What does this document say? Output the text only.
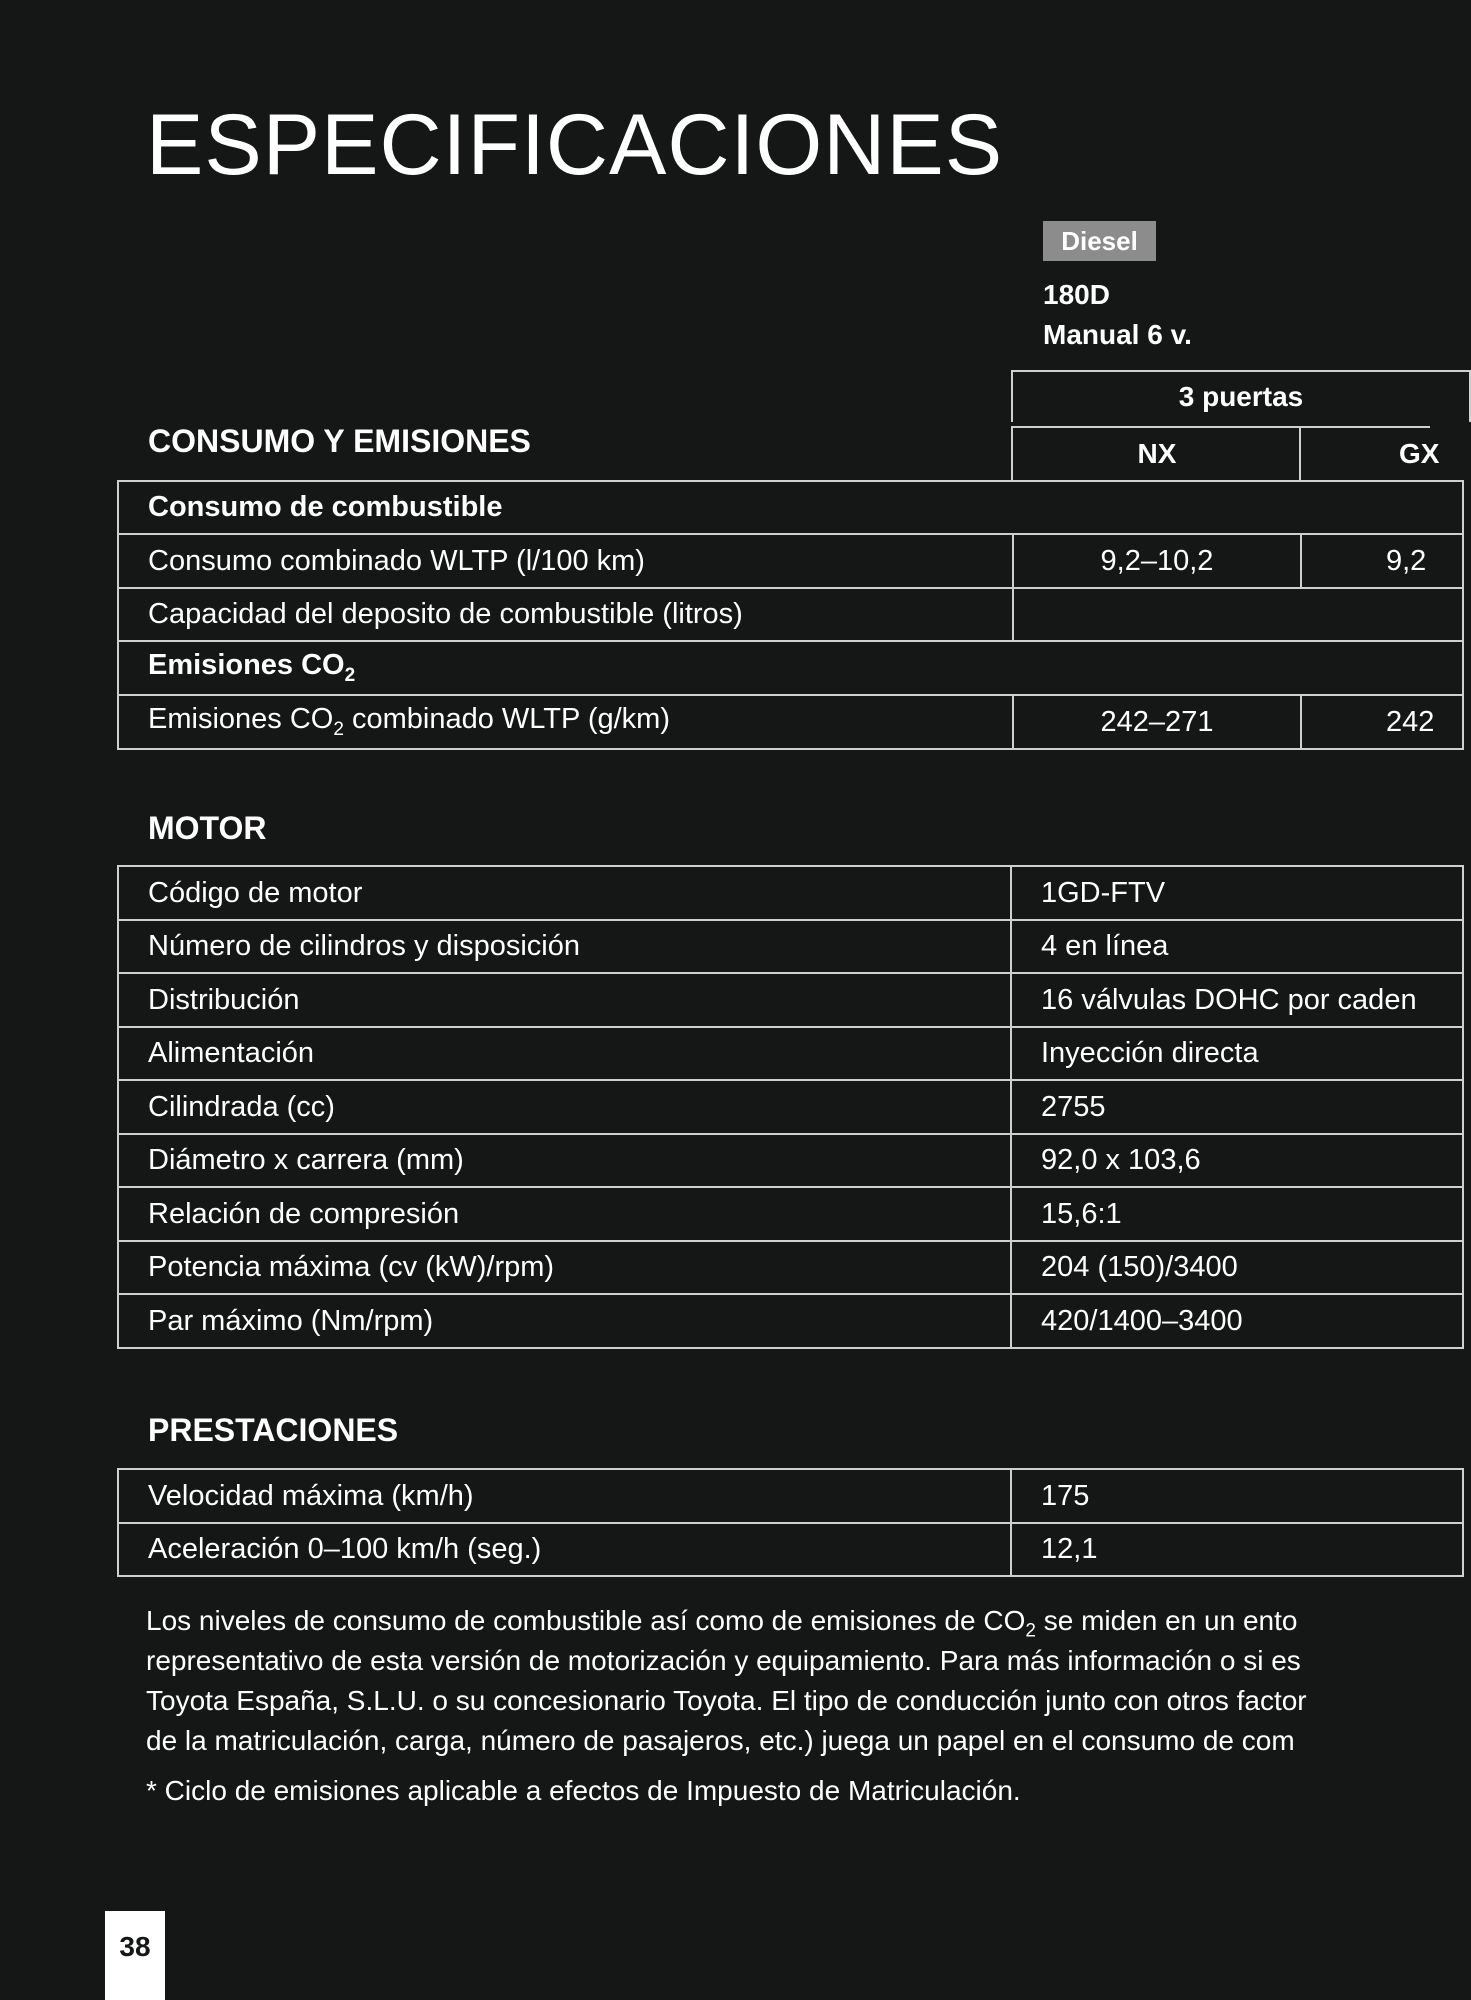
ESPECIFICACIONES
Diesel
180D
Manual 6 v.
CONSUMO Y EMISIONES
3 puertas
NX	GX
Consumo de combustible		
Consumo combinado WLTP (l/100 km)	9,2–10,2	9,2
Capacidad del deposito de combustible (litros)		
Emisiones $CO_2$
Emisiones $CO_2$ combinado WLTP (g/km)	242–271	242
MOTOR
Código de motor	1GD-FTV
Número de cilindros y disposición	4 en línea
Distribución	16 válvulas DOHC por caden
Alimentación	Inyección directa
Cilindrada (cc)	2755
Diámetro x carrera (mm)	92,0 x 103,6
Relación de compresión	15,6:1
Potencia máxima (cv (kW)/rpm)	204 (150)/3400
Par máximo (Nm/rpm)	420/1400–3400
PRESTACIONES
Velocidad máxima (km/h)	175
Aceleración 0–100 km/h (seg.)	12,1

Los niveles de consumo de combustible así como de emisiones de $CO_2$ se miden en un ento
representativo de esta versión de motorización y equipamiento. Para más información o si es
Toyota España, S.L.U. o su concesionario Toyota. El tipo de conducción junto con otros factor
de la matriculación, carga, número de pasajeros, etc.) juega un papel en el consumo de com

* Ciclo de emisiones aplicable a efectos de Impuesto de Matriculación.

38
